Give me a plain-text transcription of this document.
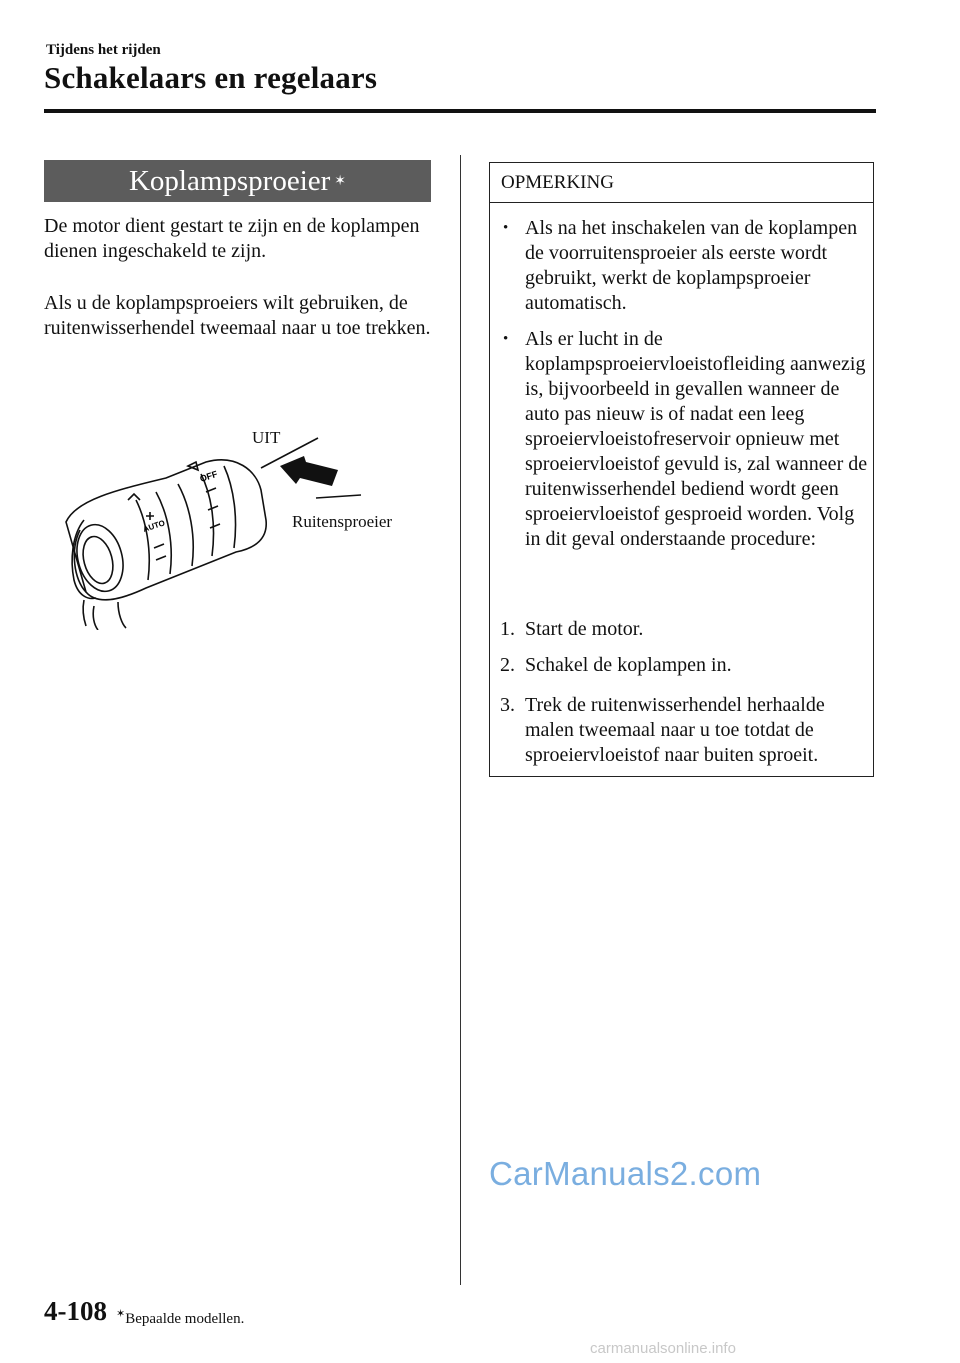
Tijdens het rijden
Schakelaars en regelaars
Koplampsproeier ✶
De motor dient gestart te zijn en de koplampen dienen ingeschakeld te zijn.
Als u de koplampsproeiers wilt gebruiken, de ruitenwisserhendel tweemaal naar u toe trekken.
OFF
AUTO
UIT
Ruitensproeier
OPMERKING
• Als na het inschakelen van de koplampen de voorruitensproeier als eerste wordt gebruikt, werkt de koplampsproeier automatisch.
• Als er lucht in de koplampsproeiervloeistofleiding aanwezig is, bijvoorbeeld in gevallen wanneer de auto pas nieuw is of nadat een leeg sproeiervloeistofreservoir opnieuw met sproeiervloeistof gevuld is, zal wanneer de ruitenwisserhendel bediend wordt geen sproeiervloeistof gesproeid worden. Volg in dit geval onderstaande procedure:
1. Start de motor.
2. Schakel de koplampen in.
3. Trek de ruitenwisserhendel herhaalde malen tweemaal naar u toe totdat de sproeiervloeistof naar buiten sproeit.
CarManuals2.com
4-108 ✶Bepaalde modellen.
carmanualsonline.info
